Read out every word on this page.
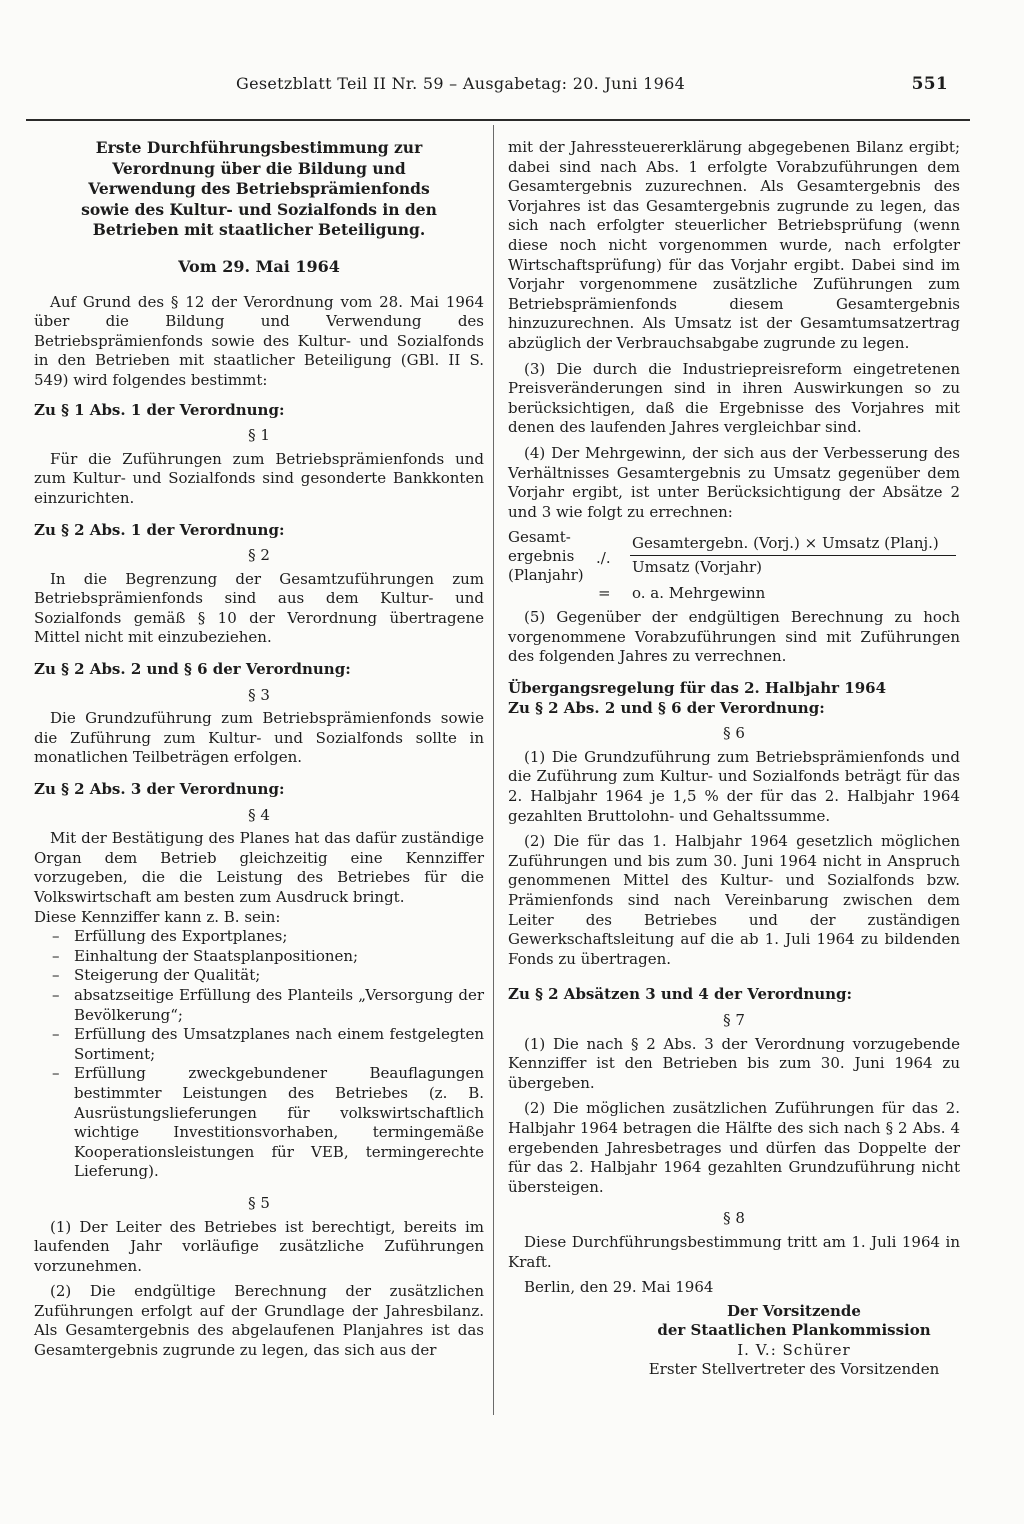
Gesetzblatt Teil II Nr. 59 – Ausgabetag: 20. Juni 1964	551

Erste Durchführungsbestimmung zur Verordnung über die Bildung und Verwendung des Betriebsprämienfonds sowie des Kultur- und Sozialfonds in den Betrieben mit staatlicher Beteiligung.

Vom 29. Mai 1964

Auf Grund des § 12 der Verordnung vom 28. Mai 1964 über die Bildung und Verwendung des Betriebsprämienfonds sowie des Kultur- und Sozialfonds in den Betrieben mit staatlicher Beteiligung (GBl. II S. 549) wird folgendes bestimmt:

Zu § 1 Abs. 1 der Verordnung:

§ 1

Für die Zuführungen zum Betriebsprämienfonds und zum Kultur- und Sozialfonds sind gesonderte Bankkonten einzurichten.

Zu § 2 Abs. 1 der Verordnung:

§ 2

In die Begrenzung der Gesamtzuführungen zum Betriebsprämienfonds sind aus dem Kultur- und Sozialfonds gemäß § 10 der Verordnung übertragene Mittel nicht mit einzubeziehen.

Zu § 2 Abs. 2 und § 6 der Verordnung:

§ 3

Die Grundzuführung zum Betriebsprämienfonds sowie die Zuführung zum Kultur- und Sozialfonds sollte in monatlichen Teilbeträgen erfolgen.

Zu § 2 Abs. 3 der Verordnung:

§ 4

Mit der Bestätigung des Planes hat das dafür zuständige Organ dem Betrieb gleichzeitig eine Kennziffer vorzugeben, die die Leistung des Betriebes für die Volkswirtschaft am besten zum Ausdruck bringt.

Diese Kennziffer kann z. B. sein:

– Erfüllung des Exportplanes;
– Einhaltung der Staatsplanpositionen;
– Steigerung der Qualität;
– absatzseitige Erfüllung des Planteils „Versorgung der Bevölkerung“;
– Erfüllung des Umsatzplanes nach einem festgelegten Sortiment;
– Erfüllung zweckgebundener Beauflagungen bestimmter Leistungen des Betriebes (z. B. Ausrüstungslieferungen für volkswirtschaftlich wichtige Investitionsvorhaben, termingemäße Kooperationsleistungen für VEB, termingerechte Lieferung).

§ 5

(1) Der Leiter des Betriebes ist berechtigt, bereits im laufenden Jahr vorläufige zusätzliche Zuführungen vorzunehmen.

(2) Die endgültige Berechnung der zusätzlichen Zuführungen erfolgt auf der Grundlage der Jahresbilanz. Als Gesamtergebnis des abgelaufenen Planjahres ist das Gesamtergebnis zugrunde zu legen, das sich aus der

mit der Jahressteuererklärung abgegebenen Bilanz ergibt; dabei sind nach Abs. 1 erfolgte Vorabzuführungen dem Gesamtergebnis zuzurechnen. Als Gesamtergebnis des Vorjahres ist das Gesamtergebnis zugrunde zu legen, das sich nach erfolgter steuerlicher Betriebsprüfung (wenn diese noch nicht vorgenommen wurde, nach erfolgter Wirtschaftsprüfung) für das Vorjahr ergibt. Dabei sind im Vorjahr vorgenommene zusätzliche Zuführungen zum Betriebsprämienfonds diesem Gesamtergebnis hinzuzurechnen. Als Umsatz ist der Gesamtumsatzertrag abzüglich der Verbrauchsabgabe zugrunde zu legen.

(3) Die durch die Industriepreisreform eingetretenen Preisveränderungen sind in ihren Auswirkungen so zu berücksichtigen, daß die Ergebnisse des Vorjahres mit denen des laufenden Jahres vergleichbar sind.

(4) Der Mehrgewinn, der sich aus der Verbesserung des Verhältnisses Gesamtergebnis zu Umsatz gegenüber dem Vorjahr ergibt, ist unter Berücksichtigung der Absätze 2 und 3 wie folgt zu errechnen:

Gesamt-ergebnis (Planjahr)
./.
Gesamtergebn. (Vorj.) × Umsatz (Planj.)
Umsatz (Vorjahr)
= o. a. Mehrgewinn

(5) Gegenüber der endgültigen Berechnung zu hoch vorgenommene Vorabzuführungen sind mit Zuführungen des folgenden Jahres zu verrechnen.

Übergangsregelung für das 2. Halbjahr 1964

Zu § 2 Abs. 2 und § 6 der Verordnung:

§ 6

(1) Die Grundzuführung zum Betriebsprämienfonds und die Zuführung zum Kultur- und Sozialfonds beträgt für das 2. Halbjahr 1964 je 1,5 % der für das 2. Halbjahr 1964 gezahlten Bruttolohn- und Gehaltssumme.

(2) Die für das 1. Halbjahr 1964 gesetzlich möglichen Zuführungen und bis zum 30. Juni 1964 nicht in Anspruch genommenen Mittel des Kultur- und Sozialfonds bzw. Prämienfonds sind nach Vereinbarung zwischen dem Leiter des Betriebes und der zuständigen Gewerkschaftsleitung auf die ab 1. Juli 1964 zu bildenden Fonds zu übertragen.

Zu § 2 Absätzen 3 und 4 der Verordnung:

§ 7

(1) Die nach § 2 Abs. 3 der Verordnung vorzugebende Kennziffer ist den Betrieben bis zum 30. Juni 1964 zu übergeben.

(2) Die möglichen zusätzlichen Zuführungen für das 2. Halbjahr 1964 betragen die Hälfte des sich nach § 2 Abs. 4 ergebenden Jahresbetrages und dürfen das Doppelte der für das 2. Halbjahr 1964 gezahlten Grundzuführung nicht übersteigen.

§ 8

Diese Durchführungsbestimmung tritt am 1. Juli 1964 in Kraft.

Berlin, den 29. Mai 1964

Der Vorsitzende

der Staatlichen Plankommission

I. V.: Schürer

Erster Stellvertreter des Vorsitzenden
